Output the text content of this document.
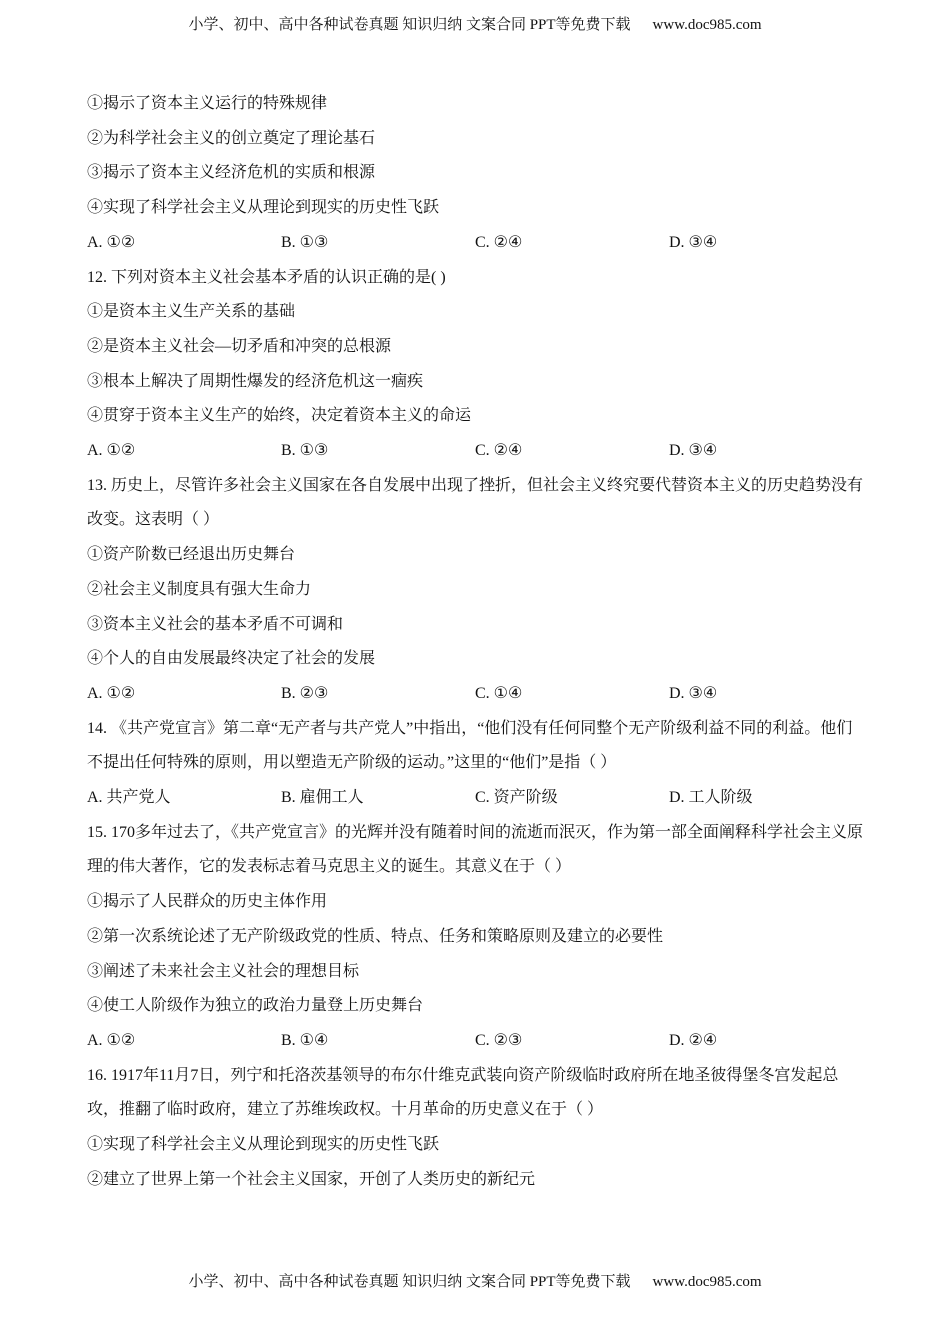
小学、初中、高中各种试卷真题 知识归纳 文案合同 PPT等免费下载 www.doc985.com
①揭示了资本主义运行的特殊规律
②为科学社会主义的创立奠定了理论基石
③揭示了资本主义经济危机的实质和根源
④实现了科学社会主义从理论到现实的历史性飞跃
A. ①②	B. ①③	C. ②④	D. ③④
12. 下列对资本主义社会基本矛盾的认识正确的是( )
①是资本主义生产关系的基础
②是资本主义社会—切矛盾和冲突的总根源
③根本上解决了周期性爆发的经济危机这一痼疾
④贯穿于资本主义生产的始终，决定着资本主义的命运
A. ①②	B. ①③	C. ②④	D. ③④
13. 历史上，尽管许多社会主义国家在各自发展中出现了挫折，但社会主义终究要代替资本主义的历史趋势没有改变。这表明（ ）
①资产阶数已经退出历史舞台
②社会主义制度具有强大生命力
③资本主义社会的基本矛盾不可调和
④个人的自由发展最终决定了社会的发展
A. ①②	B. ②③	C. ①④	D. ③④
14. 《共产党宣言》第二章“无产者与共产党人”中指出，“他们没有任何同整个无产阶级利益不同的利益。他们不提出任何特殊的原则，用以塑造无产阶级的运动。”这里的“他们”是指（ ）
A. 共产党人	B. 雇佣工人	C. 资产阶级	D. 工人阶级
15. 170多年过去了，《共产党宣言》的光辉并没有随着时间的流逝而泯灭，作为第一部全面阐释科学社会主义原理的伟大著作，它的发表标志着马克思主义的诞生。其意义在于（ ）
①揭示了人民群众的历史主体作用
②第一次系统论述了无产阶级政党的性质、特点、任务和策略原则及建立的必要性
③阐述了未来社会主义社会的理想目标
④使工人阶级作为独立的政治力量登上历史舞台
A. ①②	B. ①④	C. ②③	D. ②④
16. 1917年11月7日，列宁和托洛茨基领导的布尔什维克武装向资产阶级临时政府所在地圣彼得堡冬宫发起总攻，推翻了临时政府，建立了苏维埃政权。十月革命的历史意义在于（ ）
①实现了科学社会主义从理论到现实的历史性飞跃
②建立了世界上第一个社会主义国家，开创了人类历史的新纪元
小学、初中、高中各种试卷真题 知识归纳 文案合同 PPT等免费下载 www.doc985.com
